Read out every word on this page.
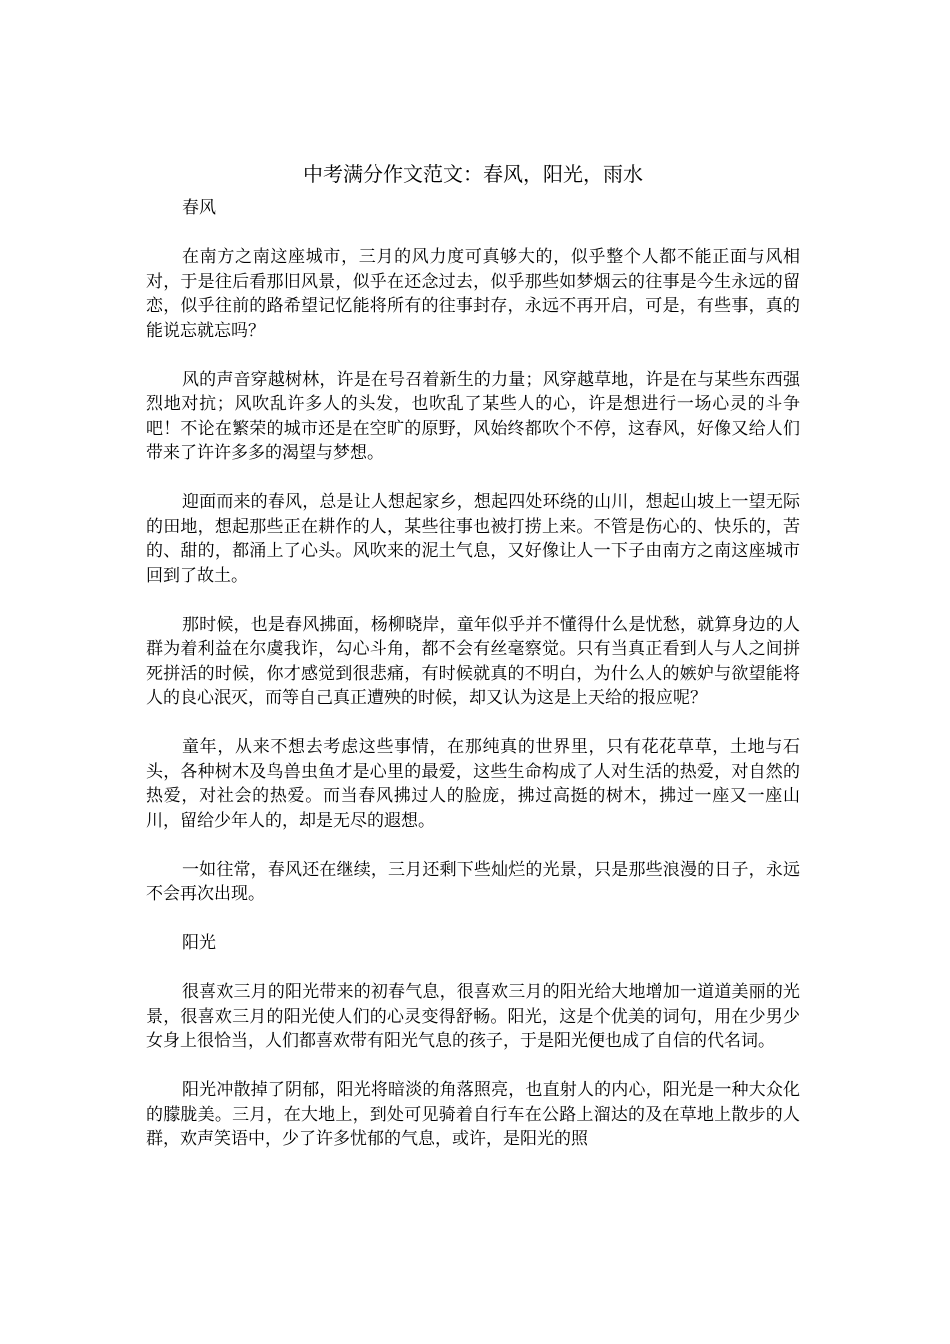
中考满分作文范文：春风，阳光，雨水

春风

在南方之南这座城市，三月的风力度可真够大的，似乎整个人都不能正面与风相对，于是往后看那旧风景，似乎在还念过去，似乎那些如梦烟云的往事是今生永远的留恋，似乎往前的路希望记忆能将所有的往事封存，永远不再开启，可是，有些事，真的能说忘就忘吗？

风的声音穿越树林，许是在号召着新生的力量；风穿越草地，许是在与某些东西强烈地对抗；风吹乱许多人的头发，也吹乱了某些人的心，许是想进行一场心灵的斗争吧！不论在繁荣的城市还是在空旷的原野，风始终都吹个不停，这春风，好像又给人们带来了许许多多的渴望与梦想。

迎面而来的春风，总是让人想起家乡，想起四处环绕的山川，想起山坡上一望无际的田地，想起那些正在耕作的人，某些往事也被打捞上来。不管是伤心的、快乐的，苦的、甜的，都涌上了心头。风吹来的泥土气息，又好像让人一下子由南方之南这座城市回到了故土。

那时候，也是春风拂面，杨柳晓岸，童年似乎并不懂得什么是忧愁，就算身边的人群为着利益在尔虞我诈，勾心斗角，都不会有丝毫察觉。只有当真正看到人与人之间拼死拼活的时候，你才感觉到很悲痛，有时候就真的不明白，为什么人的嫉妒与欲望能将人的良心泯灭，而等自己真正遭殃的时候，却又认为这是上天给的报应呢？

童年，从来不想去考虑这些事情，在那纯真的世界里，只有花花草草，土地与石头，各种树木及鸟兽虫鱼才是心里的最爱，这些生命构成了人对生活的热爱，对自然的热爱，对社会的热爱。而当春风拂过人的脸庞，拂过高挺的树木，拂过一座又一座山川，留给少年人的，却是无尽的遐想。

一如往常，春风还在继续，三月还剩下些灿烂的光景，只是那些浪漫的日子，永远不会再次出现。

阳光

很喜欢三月的阳光带来的初春气息，很喜欢三月的阳光给大地增加一道道美丽的光景，很喜欢三月的阳光使人们的心灵变得舒畅。阳光，这是个优美的词句，用在少男少女身上很恰当，人们都喜欢带有阳光气息的孩子，于是阳光便也成了自信的代名词。

阳光冲散掉了阴郁，阳光将暗淡的角落照亮，也直射人的内心，阳光是一种大众化的朦胧美。三月，在大地上，到处可见骑着自行车在公路上溜达的及在草地上散步的人群，欢声笑语中，少了许多忧郁的气息，或许，是阳光的照
